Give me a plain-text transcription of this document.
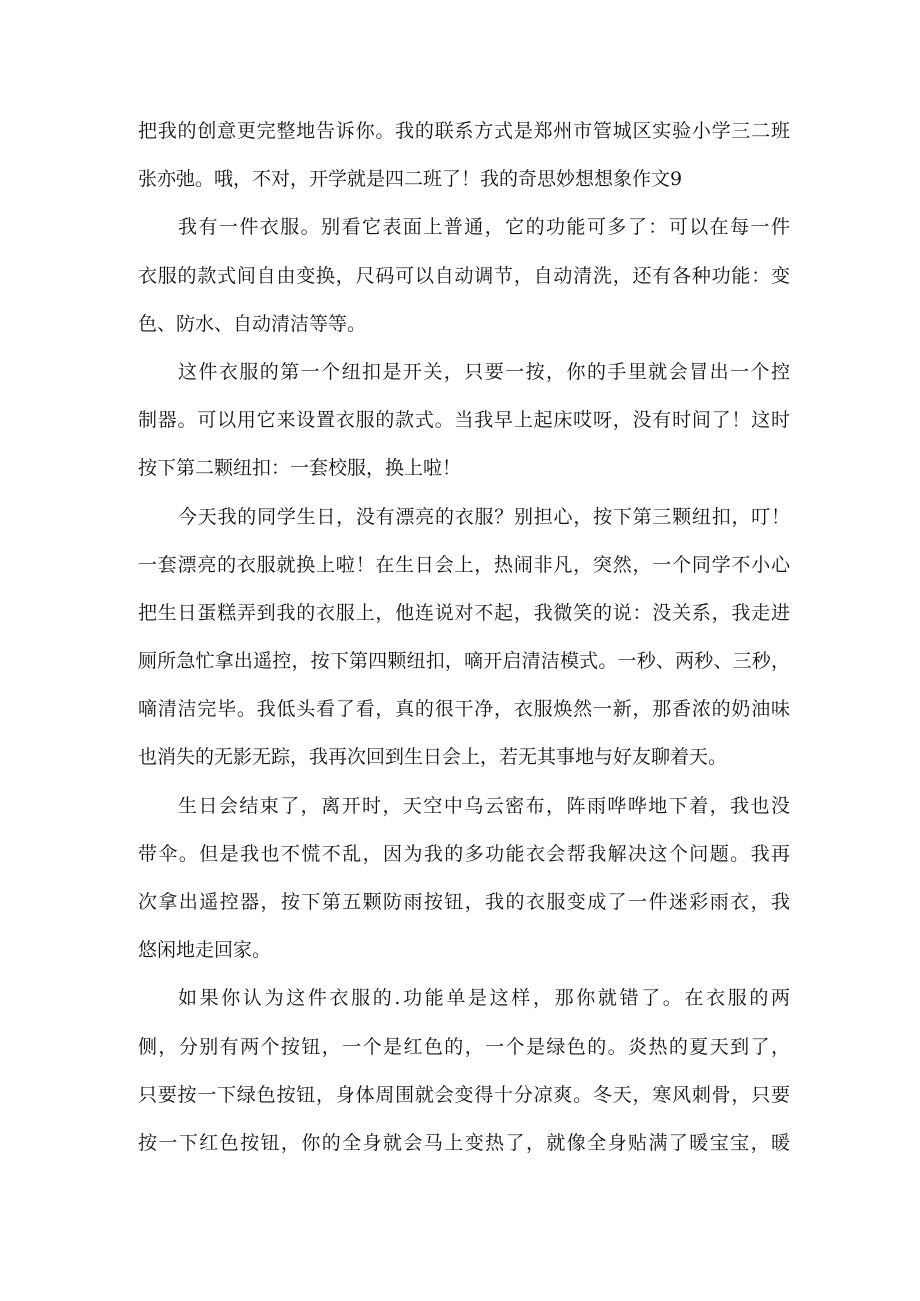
把我的创意更完整地告诉你。我的联系方式是郑州市管城区实验小学三二班
张亦弛。哦，不对，开学就是四二班了！我的奇思妙想想象作文9
我有一件衣服。别看它表面上普通，它的功能可多了：可以在每一件
衣服的款式间自由变换，尺码可以自动调节，自动清洗，还有各种功能：变
色、防水、自动清洁等等。
这件衣服的第一个纽扣是开关，只要一按，你的手里就会冒出一个控
制器。可以用它来设置衣服的款式。当我早上起床哎呀，没有时间了！这时
按下第二颗纽扣：一套校服，换上啦！
今天我的同学生日，没有漂亮的衣服？别担心，按下第三颗纽扣，叮！
一套漂亮的衣服就换上啦！在生日会上，热闹非凡，突然，一个同学不小心
把生日蛋糕弄到我的衣服上，他连说对不起，我微笑的说：没关系，我走进
厕所急忙拿出遥控，按下第四颗纽扣，嘀开启清洁模式。一秒、两秒、三秒，
嘀清洁完毕。我低头看了看，真的很干净，衣服焕然一新，那香浓的奶油味
也消失的无影无踪，我再次回到生日会上，若无其事地与好友聊着天。
生日会结束了，离开时，天空中乌云密布，阵雨哗哗地下着，我也没
带伞。但是我也不慌不乱，因为我的多功能衣会帮我解决这个问题。我再
次拿出遥控器，按下第五颗防雨按钮，我的衣服变成了一件迷彩雨衣，我
悠闲地走回家。
如果你认为这件衣服的.功能单是这样，那你就错了。在衣服的两
侧，分别有两个按钮，一个是红色的，一个是绿色的。炎热的夏天到了，
只要按一下绿色按钮，身体周围就会变得十分凉爽。冬天，寒风刺骨，只要
按一下红色按钮，你的全身就会马上变热了，就像全身贴满了暖宝宝，暖
